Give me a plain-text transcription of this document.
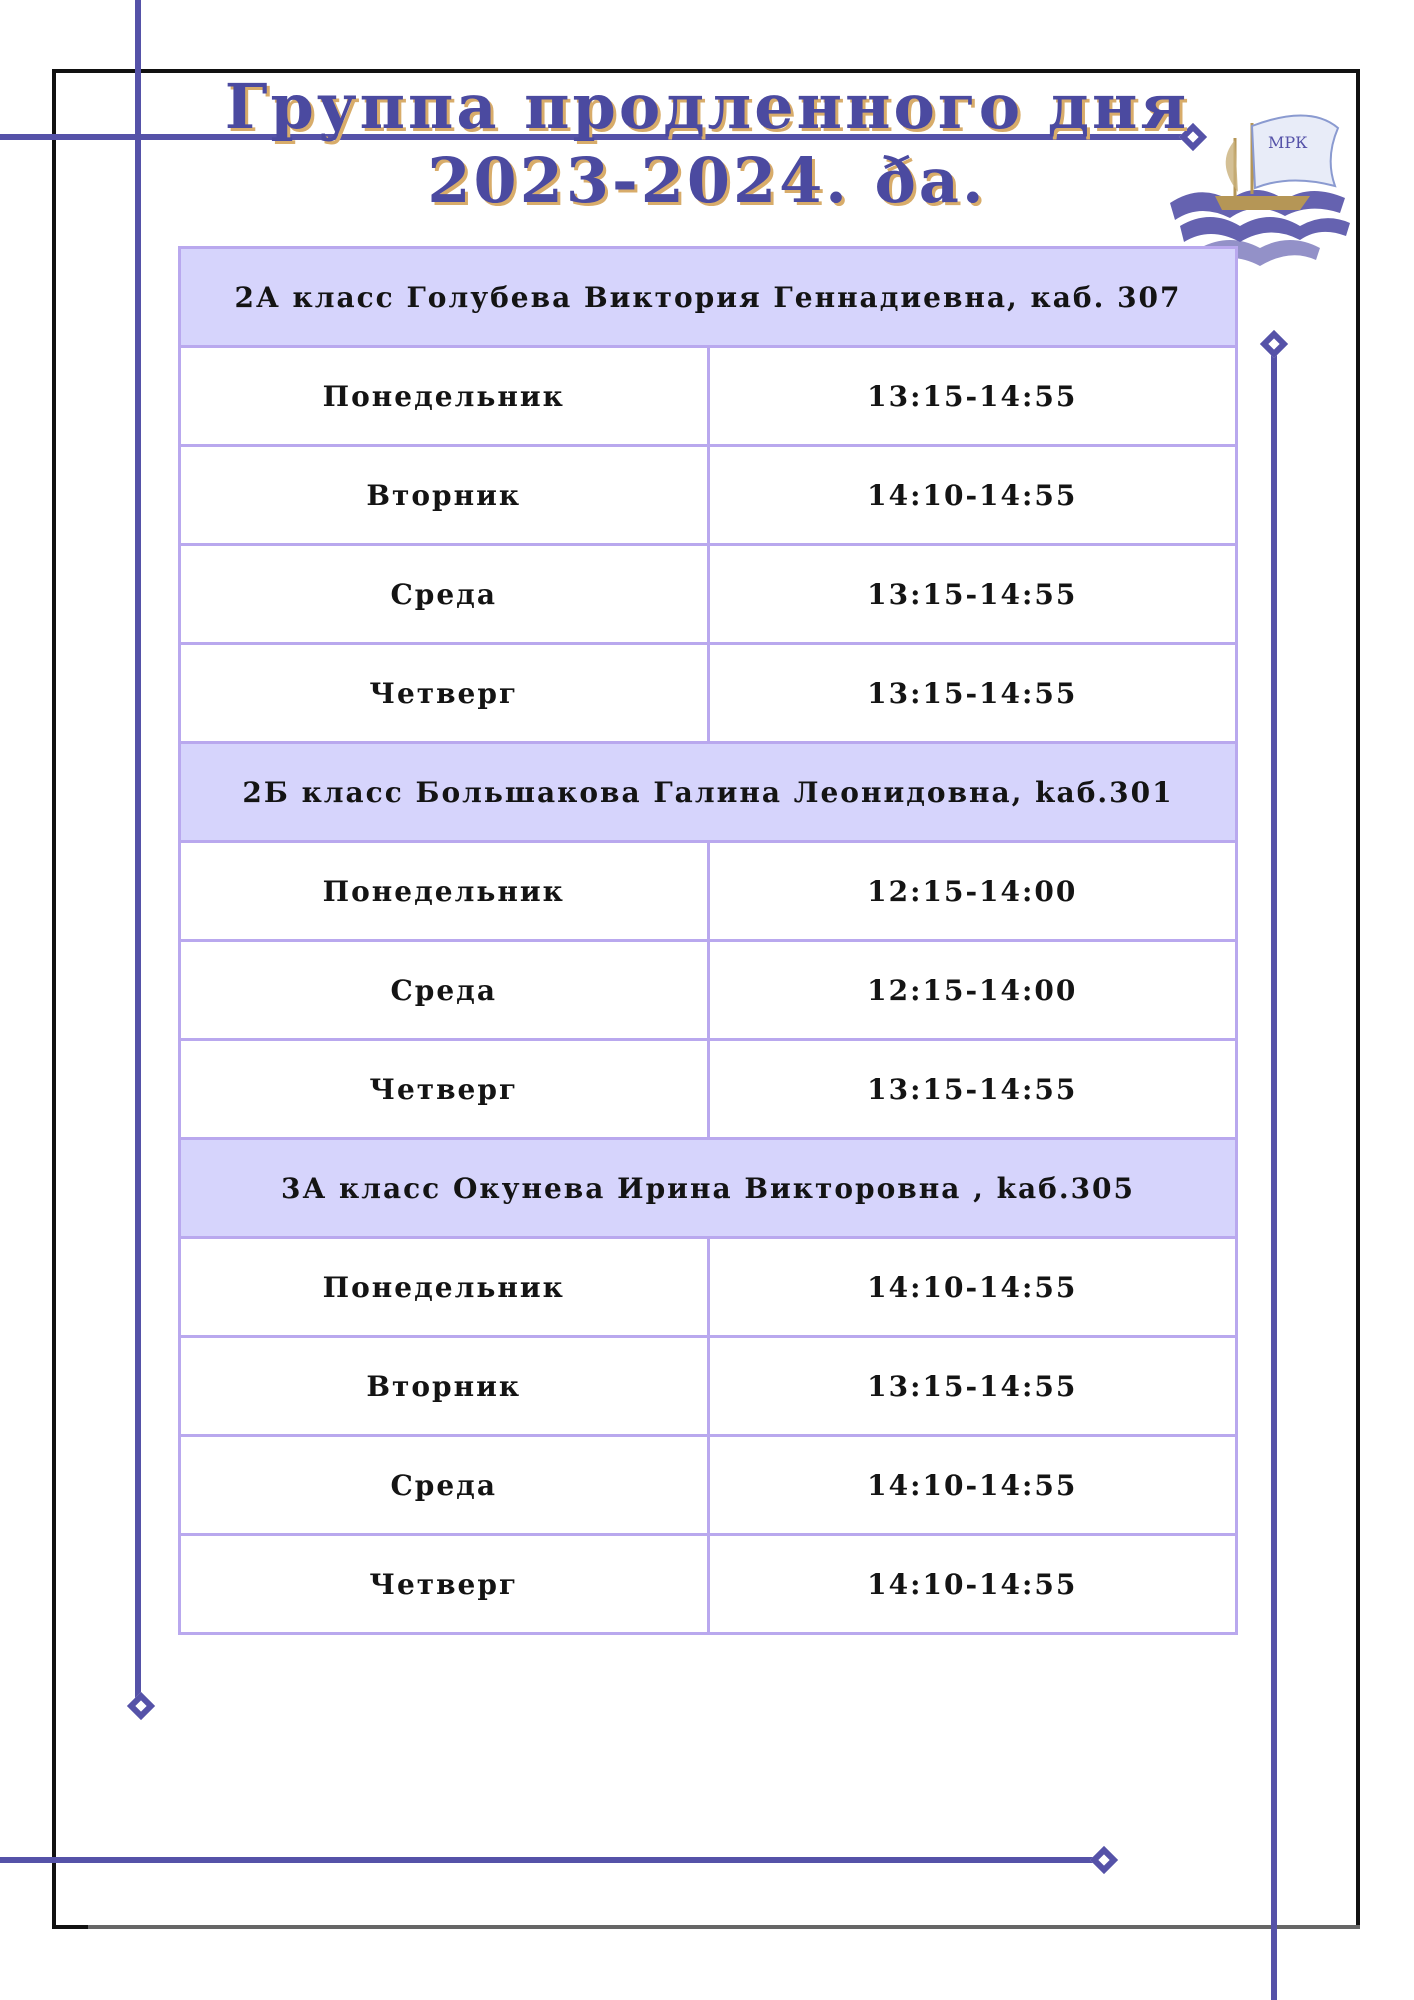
Группа продленного дня
2023-2024. ða.
МРК
2А класс Голубева Виктория Геннадиевна, каб. 307	
Понедельник	13:15-14:55
Вторник	14:10-14:55
Среда	13:15-14:55
Четверг	13:15-14:55
2Б класс Большакова Галина Леонидовна, kаб.301	
Понедельник	12:15-14:00
Среда	12:15-14:00
Четверг	13:15-14:55
3А класс Окунева Ирина Викторовна , kаб.305	
Понедельник	14:10-14:55
Вторник	13:15-14:55
Среда	14:10-14:55
Четверг	14:10-14:55
